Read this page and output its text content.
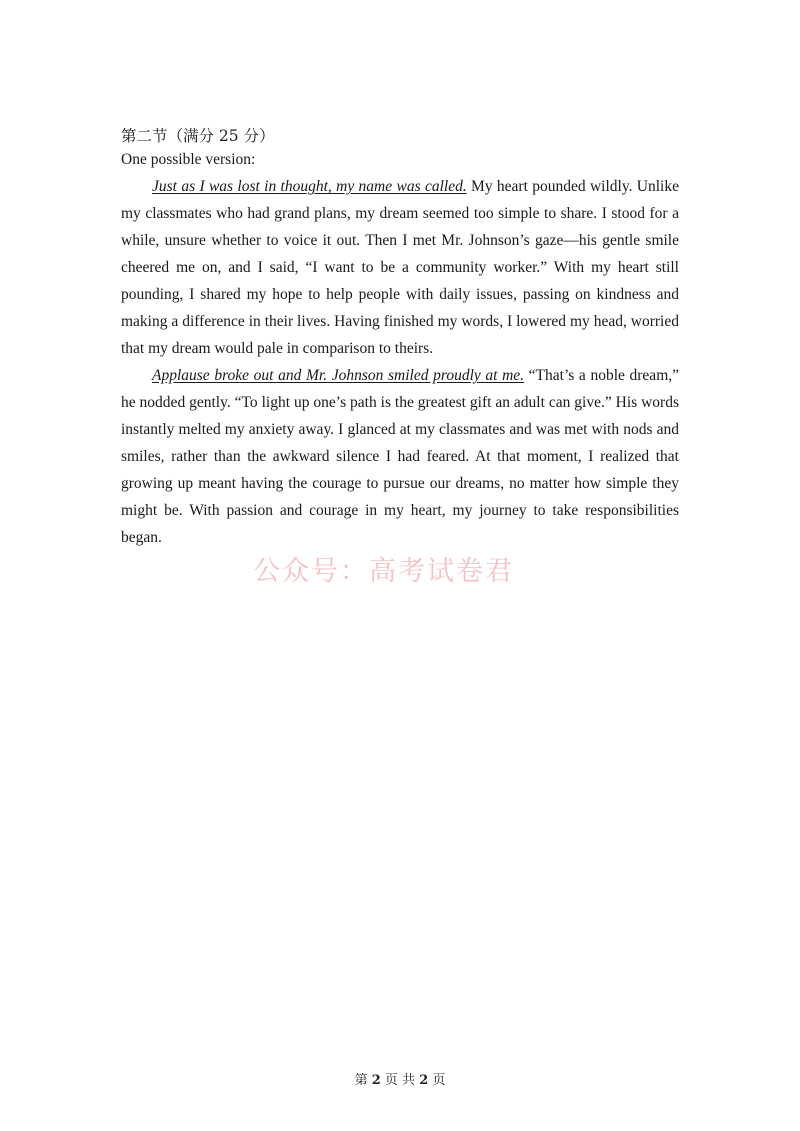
第二节（满分 25 分）

One possible version:

Just as I was lost in thought, my name was called. My heart pounded wildly. Unlike my classmates who had grand plans, my dream seemed too simple to share. I stood for a while, unsure whether to voice it out. Then I met Mr. Johnson’s gaze—his gentle smile cheered me on, and I said, “I want to be a community worker.” With my heart still pounding, I shared my hope to help people with daily issues, passing on kindness and making a difference in their lives. Having finished my words, I lowered my head, worried that my dream would pale in comparison to theirs.

Applause broke out and Mr. Johnson smiled proudly at me. “That’s a noble dream,” he nodded gently. “To light up one’s path is the greatest gift an adult can give.” His words instantly melted my anxiety away. I glanced at my classmates and was met with nods and smiles, rather than the awkward silence I had feared. At that moment, I realized that growing up meant having the courage to pursue our dreams, no matter how simple they might be. With passion and courage in my heart, my journey to take responsibilities began.

公众号：高考试卷君
第 2 页 共 2 页
